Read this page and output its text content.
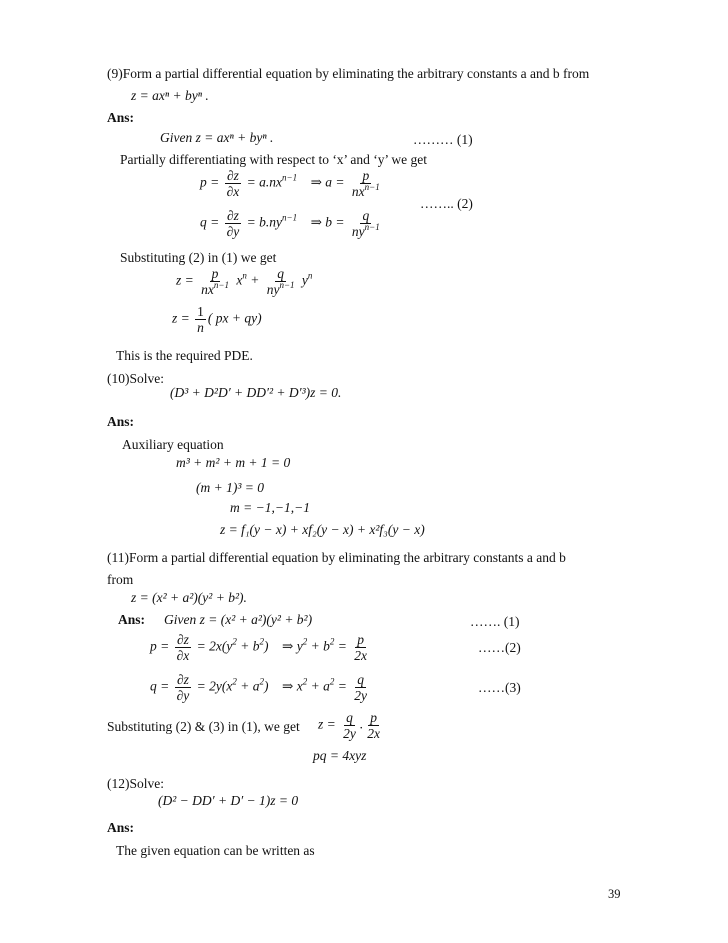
(9)Form a partial differential equation by eliminating the arbitrary constants a and b from
z = axⁿ + byⁿ .
Ans:
Given z = axⁿ + byⁿ .	……… (1)
Partially differentiating with respect to ‘x’ and ‘y’ we get
$p = \frac{\partial z}{\partial x} = a.nx^{n-1}$    ⇒ $a = \frac{p}{nx^{n-1}}$
…….. (2)
$q = \frac{\partial z}{\partial y} = b.ny^{n-1}$    ⇒ $b = \frac{q}{ny^{n-1}}$
Substituting (2) in (1) we get
$z = \frac{p}{nx^{n-1}} x^n + \frac{q}{ny^{n-1}} y^n$
$z = \frac{1}{n}$ ( px + qy)
This is the required PDE.
(10)Solve:
(D³ + D²D′ + DD′² + D′³)z = 0.
Ans:
Auxiliary equation
m³ + m² + m + 1 = 0
(m + 1)³ = 0
m = −1,−1,−1
z = f₁(y − x) + xf₂(y − x) + x²f₃(y − x)
(11)Form a partial differential equation by eliminating the arbitrary constants a and b
from
z = (x² + a²)(y² + b²).
Ans: Given z = (x² + a²)(y² + b²)	……. (1)
$p = \frac{\partial z}{\partial x} = 2x(y^2 + b^2)$    ⇒ $y^2 + b^2 = \frac{p}{2x}$	……(2)
$q = \frac{\partial z}{\partial y} = 2y(x^2 + a^2)$    ⇒ $x^2 + a^2 = \frac{q}{2y}$	……(3)
Substituting (2) & (3) in (1), we get $z = \frac{q}{2y}$ . $\frac{p}{2x}$
pq = 4xyz
(12)Solve:
(D² − DD′ + D′ − 1)z = 0
Ans:
The given equation can be written as
39
